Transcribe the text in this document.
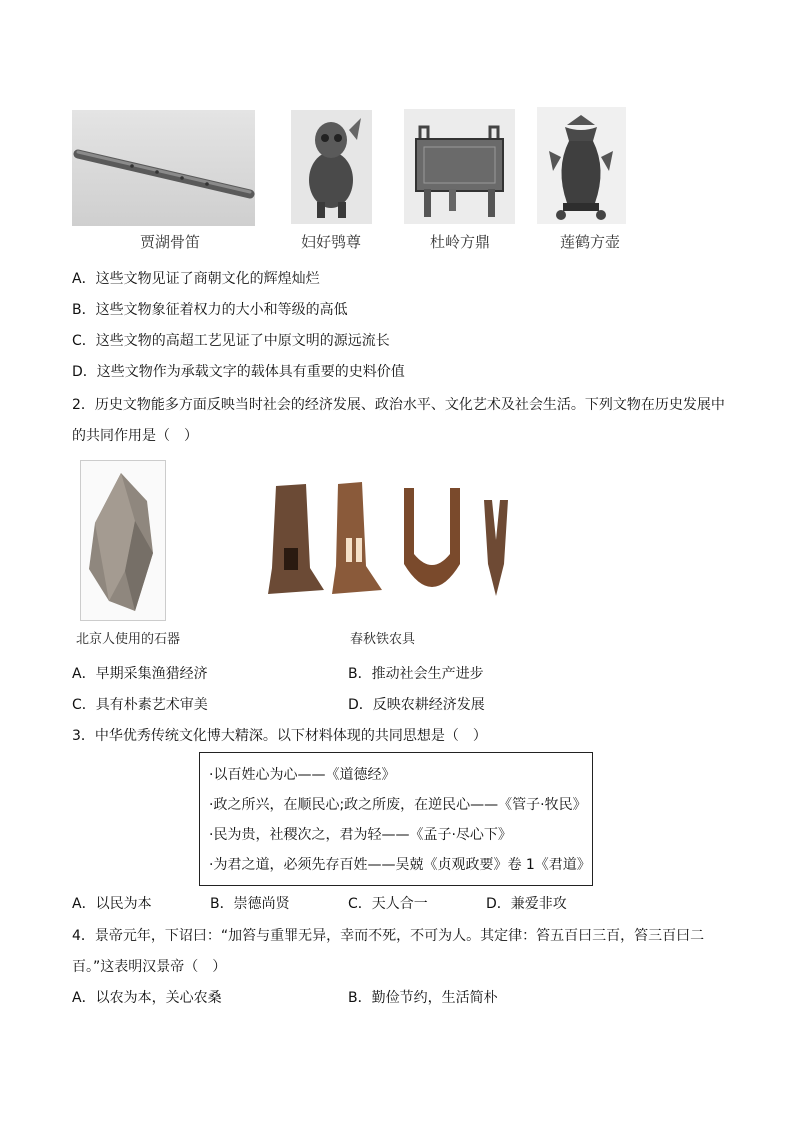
贾湖骨笛	妇好鸮尊	杜岭方鼎	莲鹤方壶
A．这些文物见证了商朝文化的辉煌灿烂
B．这些文物象征着权力的大小和等级的高低
C．这些文物的高超工艺见证了中原文明的源远流长
D．这些文物作为承载文字的载体具有重要的史料价值
2．历史文物能多方面反映当时社会的经济发展、政治水平、文化艺术及社会生活。下列文物在历史发展中
的共同作用是（　）
北京人使用的石器	春秋铁农具
A．早期采集渔猎经济	B．推动社会生产进步
C．具有朴素艺术审美	D．反映农耕经济发展
3．中华优秀传统文化博大精深。以下材料体现的共同思想是（　）
·以百姓心为心——《道德经》
·政之所兴，在顺民心;政之所废，在逆民心——《管子·牧民》
·民为贵，社稷次之，君为轻——《孟子·尽心下》
·为君之道，必须先存百姓——吴兢《贞观政要》卷 1《君道》
A．以民为本	B．崇德尚贤	C．天人合一	D．兼爱非攻
4．景帝元年，下诏曰：“加笞与重罪无异，幸而不死，不可为人。其定律：笞五百曰三百，笞三百曰二
百。”这表明汉景帝（　）
A．以农为本，关心农桑	B．勤俭节约，生活简朴
